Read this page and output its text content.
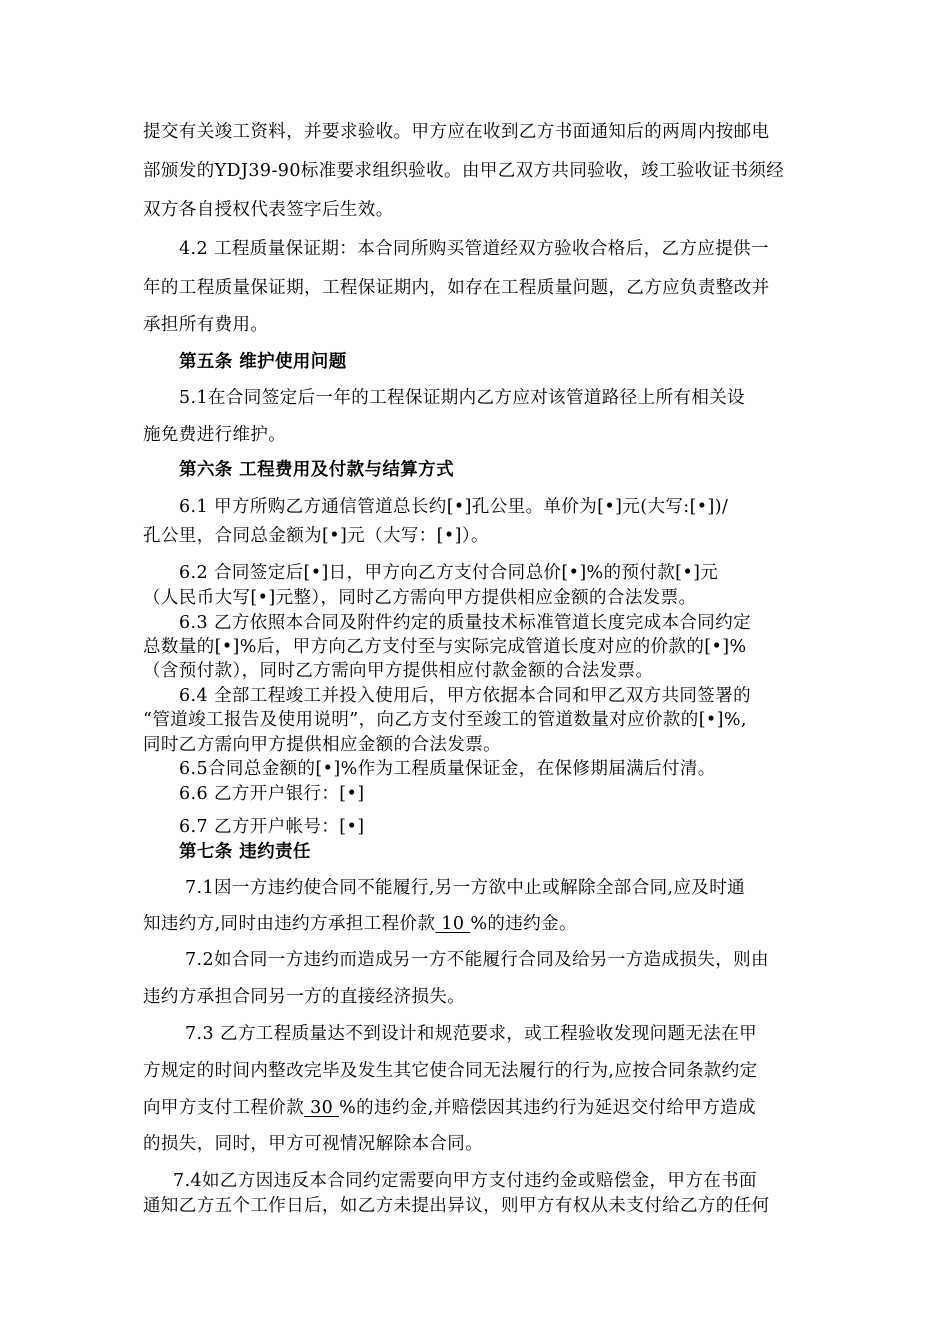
提交有关竣工资料，并要求验收。甲方应在收到乙方书面通知后的两周内按邮电
部颁发的YDJ39-90标准要求组织验收。由甲乙双方共同验收，竣工验收证书须经
双方各自授权代表签字后生效。
4.2 工程质量保证期：本合同所购买管道经双方验收合格后，乙方应提供一
年的工程质量保证期，工程保证期内，如存在工程质量问题，乙方应负责整改并
承担所有费用。
第五条 维护使用问题
5.1在合同签定后一年的工程保证期内乙方应对该管道路径上所有相关设
施免费进行维护。
第六条 工程费用及付款与结算方式
6.1 甲方所购乙方通信管道总长约[•]孔公里。单价为[•]元(大写:[•])/
孔公里，合同总金额为[•]元（大写：[•]）。
6.2 合同签定后[•]日，甲方向乙方支付合同总价[•]%的预付款[•]元
（人民币大写[•]元整），同时乙方需向甲方提供相应金额的合法发票。
6.3 乙方依照本合同及附件约定的质量技术标准管道长度完成本合同约定
总数量的[•]%后，甲方向乙方支付至与实际完成管道长度对应的价款的[•]%
（含预付款），同时乙方需向甲方提供相应付款金额的合法发票。
6.4 全部工程竣工并投入使用后，甲方依据本合同和甲乙双方共同签署的
“管道竣工报告及使用说明”，向乙方支付至竣工的管道数量对应价款的[•]%,
同时乙方需向甲方提供相应金额的合法发票。
6.5合同总金额的[•]%作为工程质量保证金，在保修期届满后付清。
6.6 乙方开户银行：[•]
6.7 乙方开户帐号：[•]
第七条 违约责任
7.1因一方违约使合同不能履行,另一方欲中止或解除全部合同,应及时通
知违约方,同时由违约方承担工程价款 10 %的违约金。
7.2如合同一方违约而造成另一方不能履行合同及给另一方造成损失，则由
违约方承担合同另一方的直接经济损失。
7.3 乙方工程质量达不到设计和规范要求，或工程验收发现问题无法在甲
方规定的时间内整改完毕及发生其它使合同无法履行的行为,应按合同条款约定
向甲方支付工程价款 30 %的违约金,并赔偿因其违约行为延迟交付给甲方造成
的损失，同时，甲方可视情况解除本合同。
7.4如乙方因违反本合同约定需要向甲方支付违约金或赔偿金，甲方在书面
通知乙方五个工作日后，如乙方未提出异议，则甲方有权从未支付给乙方的任何
